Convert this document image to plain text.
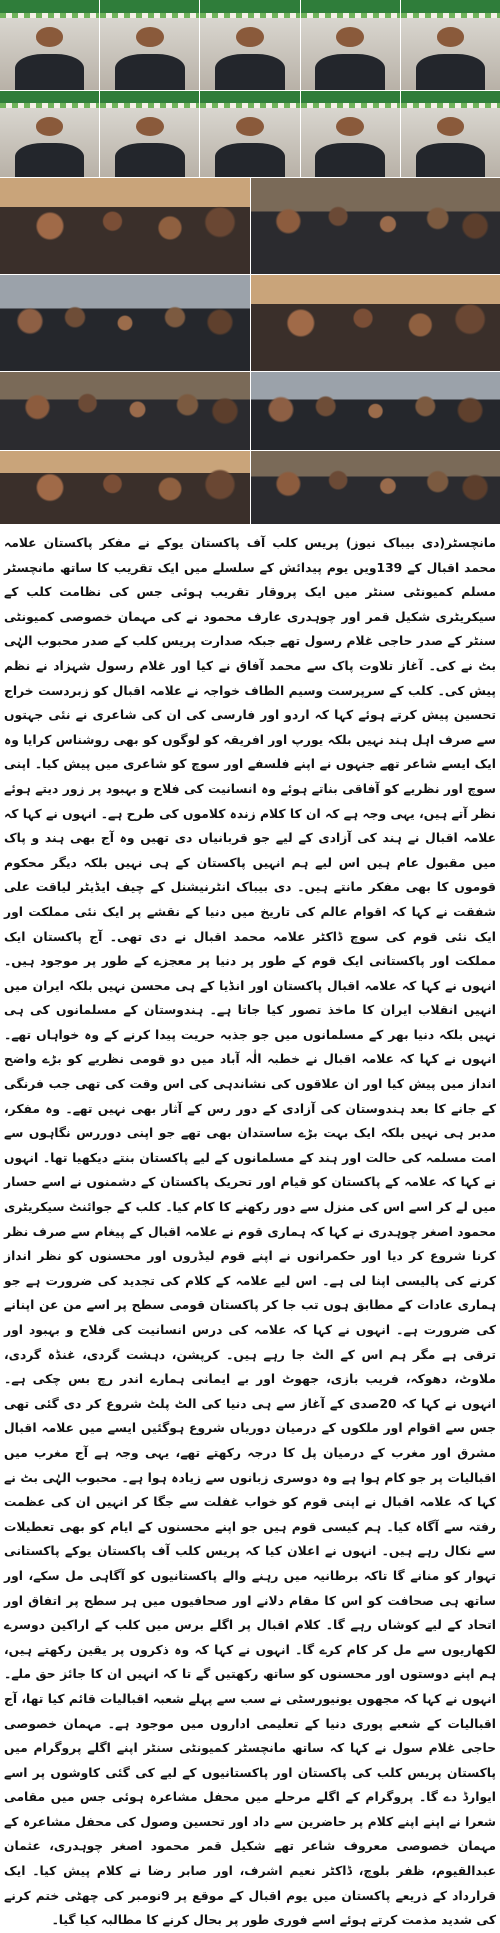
مانچسٹر(دی بیباک نیوز) پریس کلب آف پاکستان یوکے نے مفکر پاکستان علامہ محمد اقبال کے 139ویں یوم پیدائش کے سلسلے میں ایک تقریب کا ساتھ مانچسٹر مسلم کمیونٹی سنٹر میں ایک پروقار تقریب ہوئی جس کی نظامت کلب کے سیکریٹری شکیل قمر اور چوہدری عارف محمود نے کی مہمان خصوصی کمیونٹی سنٹر کے صدر حاجی غلام رسول تھے جبکہ صدارت پریس کلب کے صدر محبوب الہٰی بٹ نے کی۔ آغاز تلاوت پاک سے محمد آفاق نے کیا اور غلام رسول شہزاد نے نظم پیش کی۔ کلب کے سرپرست وسیم الطاف خواجہ نے علامہ اقبال کو زبردست خراج تحسین پیش کرتے ہوئے کہا کہ اردو اور فارسی کی ان کی شاعری نے نئی جہتوں سے صرف اہل ہند نہیں بلکہ یورپ اور افریقہ کو لوگوں کو بھی روشناس کرایا وہ ایک ایسے شاعر تھے جنہوں نے اپنے فلسفے اور سوچ کو شاعری میں پیش کیا۔ اپنی سوچ اور نظریے کو آفاقی بناتے ہوئے وہ انسانیت کی فلاح و بہبود پر زور دیتے ہوئے نظر آتے ہیں، یہی وجہ ہے کہ ان کا کلام زندہ کلاموں کی طرح ہے۔ انہوں نے کہا کہ علامہ اقبال نے ہند کی آزادی کے لیے جو قربانیاں دی تھیں وہ آج بھی ہند و پاک میں مقبول عام ہیں اس لیے ہم انہیں پاکستان کے ہی نہیں بلکہ دیگر محکوم قوموں کا بھی مفکر مانتے ہیں۔ دی بیباک انٹرنیشنل کے چیف ایڈیٹر لیاقت علی شفقت نے کہا کہ اقوام عالم کی تاریخ میں دنیا کے نقشے پر ایک نئی مملکت اور ایک نئی قوم کی سوچ ڈاکٹر علامہ محمد اقبال نے دی تھی۔ آج پاکستان ایک مملکت اور پاکستانی ایک قوم کے طور پر دنیا پر معجزے کے طور پر موجود ہیں۔ انہوں نے کہا کہ علامہ اقبال پاکستان اور انڈیا کے ہی محسن نہیں بلکہ ایران میں انہیں انقلاب ایران کا ماخذ تصور کیا جاتا ہے۔ ہندوستان کے مسلمانوں کی ہی نہیں بلکہ دنیا بھر کے مسلمانوں میں جو جذبہ حریت پیدا کرنے کے وہ خواہاں تھے۔ انہوں نے کہا کہ علامہ اقبال نے خطبہ الٰہ آباد میں دو قومی نظریے کو بڑے واضح انداز میں پیش کیا اور ان علاقوں کی نشاندہی کی اس وقت کی تھی جب فرنگی کے جانے کا بعد ہندوستان کی آزادی کے دور رس کے آثار بھی نہیں تھے۔ وہ مفکر، مدبر ہی نہیں بلکہ ایک بہت بڑے ساستدان بھی تھے جو اپنی دوررس نگاہوں سے امت مسلمہ کی حالت اور ہند کے مسلمانوں کے لیے پاکستان بنتے دیکھیا تھا۔ انہوں نے کہا کہ علامہ کے پاکستان کو قیام اور تحریک پاکستان کے دشمنوں نے اسے حسار میں لے کر اسے اس کی منزل سے دور رکھنے کا کام کیا۔ کلب کے جوائنٹ سیکریٹری محمود اصغر چوہدری نے کہا کہ ہماری قوم نے علامہ اقبال کے پیغام سے صرف نظر کرنا شروع کر دیا اور حکمرانوں نے اپنے قوم لیڈروں اور محسنوں کو نظر انداز کرنے کی پالیسی اپنا لی ہے۔ اس لیے علامہ کے کلام کی تجدید کی ضرورت ہے جو ہماری عادات کے مطابق ہوں تب جا کر پاکستان قومی سطح پر اسے من عن اپنانے کی ضرورت ہے۔ انہوں نے کہا کہ علامہ کی درس انسانیت کی فلاح و بہبود اور ترقی ہے مگر ہم اس کے الٹ جا رہے ہیں۔ کرپشن، دہشت گردی، غنڈہ گردی، ملاوٹ، دھوکہ، فریب بازی، جھوٹ اور بے ایمانی ہمارے اندر رچ بس چکی ہے۔ انہوں نے کہا کہ 20صدی کے آغاز سے ہی دنیا کی الٹ پلٹ شروع کر دی گئی تھی جس سے اقوام اور ملکوں کے درمیان دوریاں شروع ہوگئیں ایسے میں علامہ اقبال مشرق اور مغرب کے درمیان پل کا درجہ رکھتے تھے، یہی وجہ ہے آج مغرب میں اقبالیات پر جو کام ہوا ہے وہ دوسری زبانوں سے زیادہ ہوا ہے۔ محبوب الہٰی بٹ نے کہا کہ علامہ اقبال نے اپنی قوم کو خواب غفلت سے جگا کر انہیں ان کی عظمت رفتہ سے آگاہ کیا۔ ہم کیسی قوم ہیں جو اپنے محسنوں کے ایام کو بھی تعطیلات سے نکال رہے ہیں۔ انہوں نے اعلان کیا کہ پریس کلب آف پاکستان یوکے پاکستانی تہوار کو منانے گا تاکہ برطانیہ میں رہنے والے پاکستانیوں کو آگاہی مل سکے، اور ساتھ ہی صحافت کو اس کا مقام دلانے اور صحافیوں میں ہر سطح پر اتفاق اور اتحاد کے لیے کوشاں رہے گا۔ کلام اقبال پر اگلے برس میں کلب کے اراکین دوسرے لکھاریوں سے مل کر کام کرے گا۔ انہوں نے کہا کہ وہ ذکروں پر یقین رکھتے ہیں، ہم اپنے دوستوں اور محسنوں کو ساتھ رکھتیں گے تا کہ انہیں ان کا جائز حق ملے۔ انہوں نے کہا کہ مجھوں یونیورسٹی نے سب سے پہلے شعبہ اقبالیات قائم کیا تھا، آج اقبالیات کے شعبے پوری دنیا کے تعلیمی اداروں میں موجود ہے۔ مہمان خصوصی حاجی غلام سول نے کہا کہ ساتھ مانچسٹر کمیونٹی سنٹر اپنے اگلے پروگرام میں پاکستان پریس کلب کی پاکستان اور پاکستانیوں کے لیے کی گئی کاوشوں پر اسے ایوارڈ دے گا۔ پروگرام کے اگلے مرحلے میں محفل مشاعرہ ہوئی جس میں مقامی شعرا نے اپنے اپنے کلام پر حاضرین سے داد اور تحسین وصول کی محفل مشاعرہ کے مہمان خصوصی معروف شاعر تھے شکیل قمر محمود اصغر چوہدری، عثمان عبدالقیوم، ظفر بلوچ، ڈاکٹر نعیم اشرف، اور صابر رضا نے کلام پیش کیا۔ ایک قرارداد کے ذریعے پاکستان میں یوم اقبال کے موقع پر 9نومبر کی چھٹی ختم کرنے کی شدید مذمت کرتے ہوئے اسے فوری طور پر بحال کرنے کا مطالبہ کیا گیا۔
